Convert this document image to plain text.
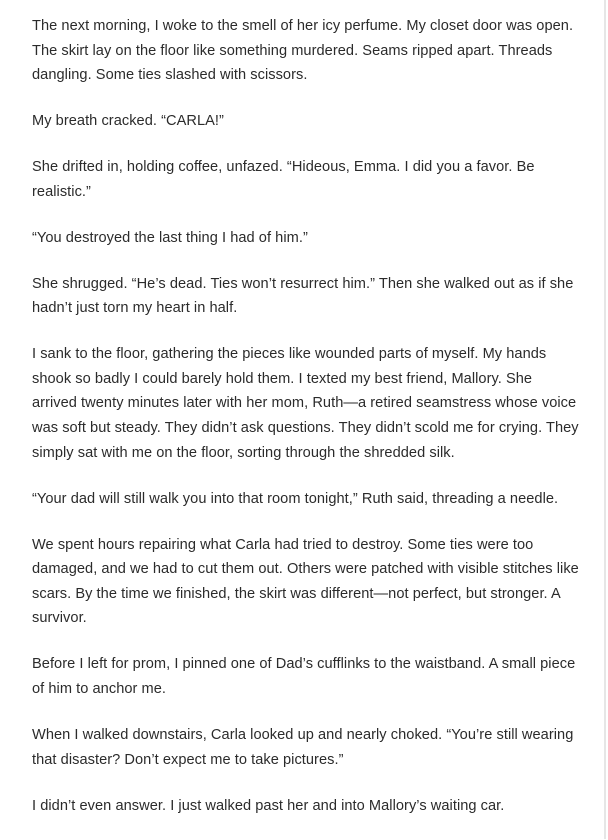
The next morning, I woke to the smell of her icy perfume. My closet door was open. The skirt lay on the floor like something murdered. Seams ripped apart. Threads dangling. Some ties slashed with scissors.

My breath cracked. “CARLA!”

She drifted in, holding coffee, unfazed. “Hideous, Emma. I did you a favor. Be realistic.”

“You destroyed the last thing I had of him.”

She shrugged. “He’s dead. Ties won’t resurrect him.” Then she walked out as if she hadn’t just torn my heart in half.

I sank to the floor, gathering the pieces like wounded parts of myself. My hands shook so badly I could barely hold them. I texted my best friend, Mallory. She arrived twenty minutes later with her mom, Ruth—a retired seamstress whose voice was soft but steady. They didn’t ask questions. They didn’t scold me for crying. They simply sat with me on the floor, sorting through the shredded silk.

“Your dad will still walk you into that room tonight,” Ruth said, threading a needle.

We spent hours repairing what Carla had tried to destroy. Some ties were too damaged, and we had to cut them out. Others were patched with visible stitches like scars. By the time we finished, the skirt was different—not perfect, but stronger. A survivor.

Before I left for prom, I pinned one of Dad’s cufflinks to the waistband. A small piece of him to anchor me.

When I walked downstairs, Carla looked up and nearly choked. “You’re still wearing that disaster? Don’t expect me to take pictures.”

I didn’t even answer. I just walked past her and into Mallory’s waiting car.
